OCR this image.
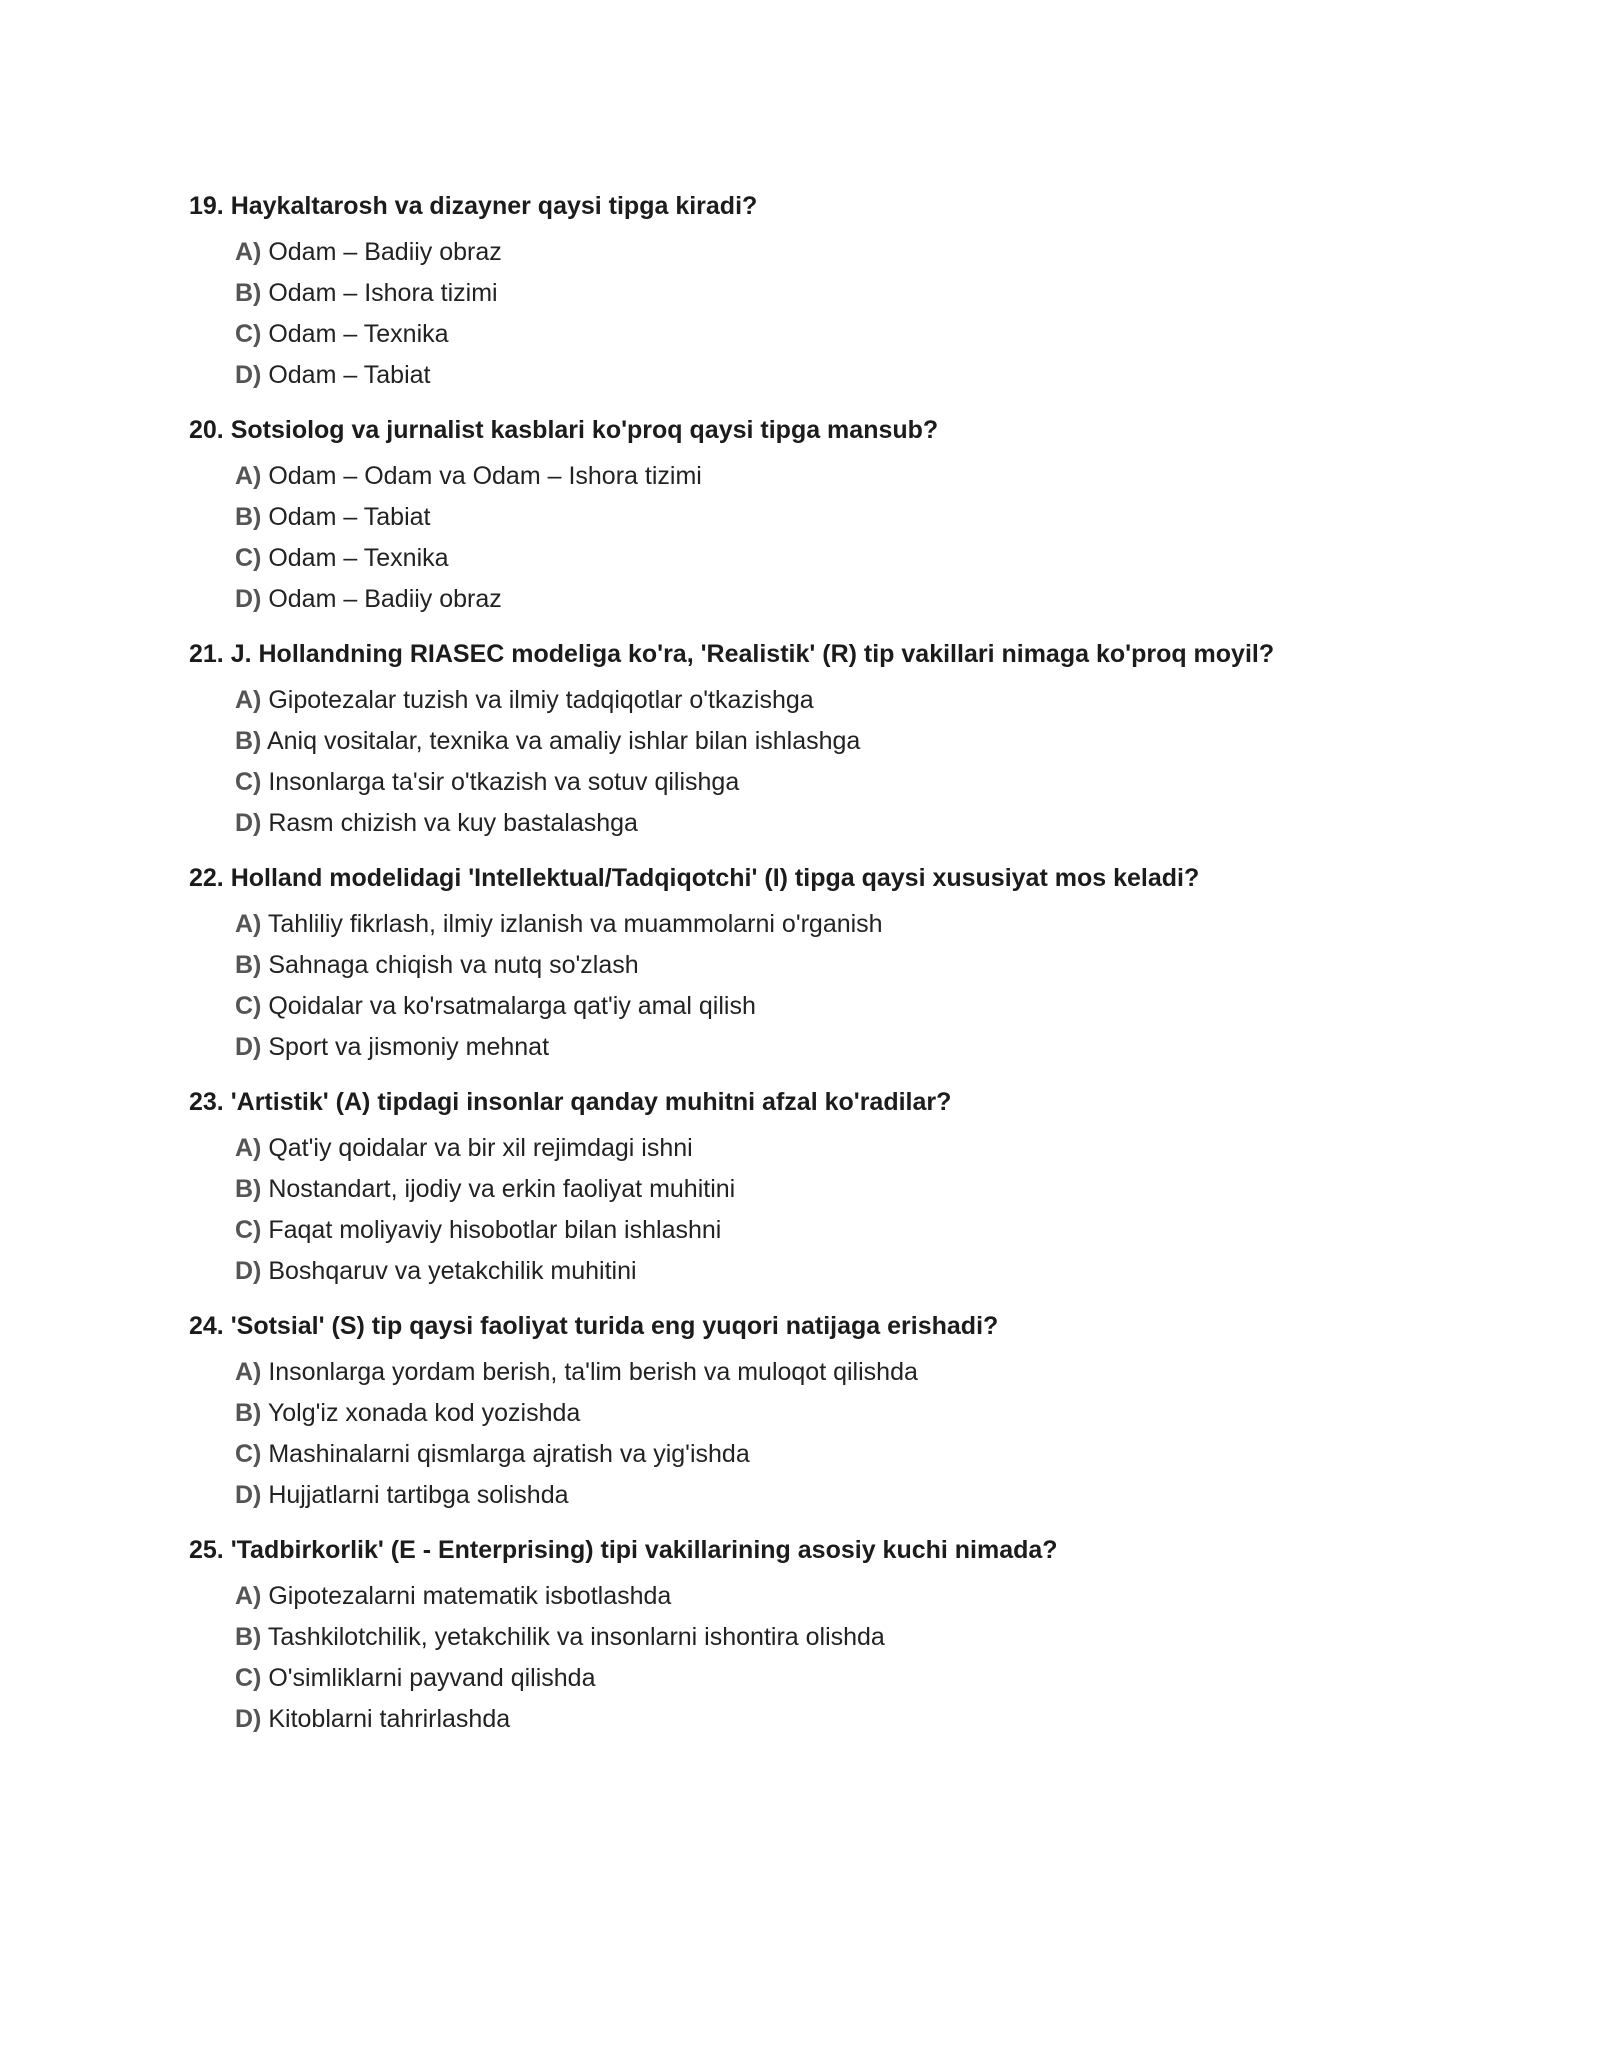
19. Haykaltarosh va dizayner qaysi tipga kiradi?
A) Odam – Badiiy obraz
B) Odam – Ishora tizimi
C) Odam – Texnika
D) Odam – Tabiat
20. Sotsiolog va jurnalist kasblari ko'proq qaysi tipga mansub?
A) Odam – Odam va Odam – Ishora tizimi
B) Odam – Tabiat
C) Odam – Texnika
D) Odam – Badiiy obraz
21. J. Hollandning RIASEC modeliga ko'ra, 'Realistik' (R) tip vakillari nimaga ko'proq moyil?
A) Gipotezalar tuzish va ilmiy tadqiqotlar o'tkazishga
B) Aniq vositalar, texnika va amaliy ishlar bilan ishlashga
C) Insonlarga ta'sir o'tkazish va sotuv qilishga
D) Rasm chizish va kuy bastalashga
22. Holland modelidagi 'Intellektual/Tadqiqotchi' (I) tipga qaysi xususiyat mos keladi?
A) Tahliliy fikrlash, ilmiy izlanish va muammolarni o'rganish
B) Sahnaga chiqish va nutq so'zlash
C) Qoidalar va ko'rsatmalarga qat'iy amal qilish
D) Sport va jismoniy mehnat
23. 'Artistik' (A) tipdagi insonlar qanday muhitni afzal ko'radilar?
A) Qat'iy qoidalar va bir xil rejimdagi ishni
B) Nostandart, ijodiy va erkin faoliyat muhitini
C) Faqat moliyaviy hisobotlar bilan ishlashni
D) Boshqaruv va yetakchilik muhitini
24. 'Sotsial' (S) tip qaysi faoliyat turida eng yuqori natijaga erishadi?
A) Insonlarga yordam berish, ta'lim berish va muloqot qilishda
B) Yolg'iz xonada kod yozishda
C) Mashinalarni qismlarga ajratish va yig'ishda
D) Hujjatlarni tartibga solishda
25. 'Tadbirkorlik' (E - Enterprising) tipi vakillarining asosiy kuchi nimada?
A) Gipotezalarni matematik isbotlashda
B) Tashkilotchilik, yetakchilik va insonlarni ishontira olishda
C) O'simliklarni payvand qilishda
D) Kitoblarni tahrirlashda
